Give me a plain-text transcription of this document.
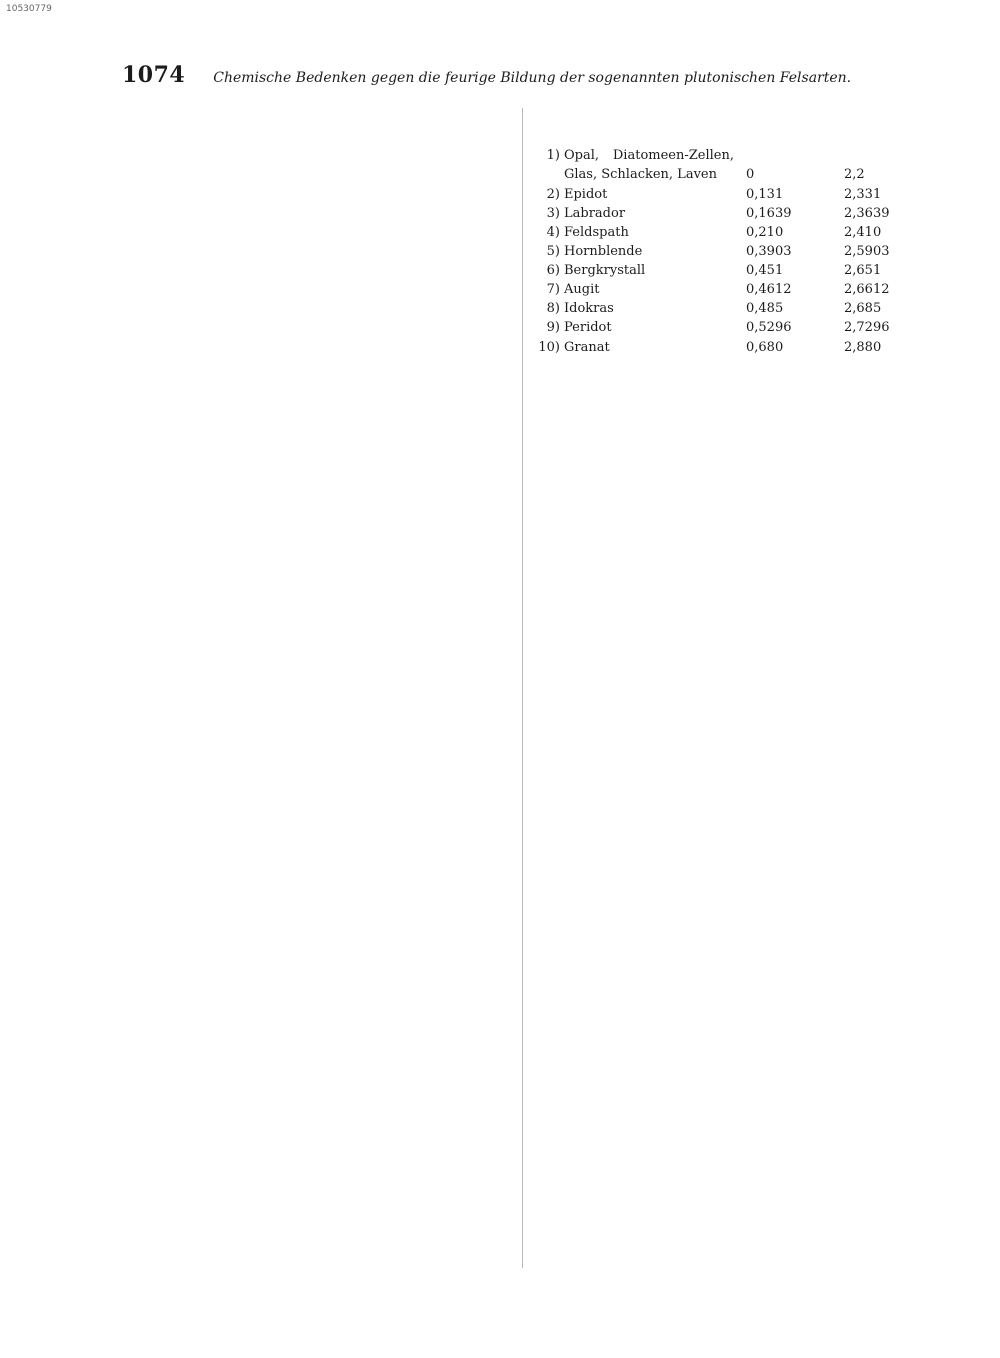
10530779
1074 Chemische Bedenken gegen die feurige Bildung der sogenannten plutonischen Felsarten.

1) Opal, Diatomeen-Zellen, Glas, Schlacken, Laven	0	2,2
2) Epidot	0,131	2,331
3) Labrador	0,1639	2,3639
4) Feldspath	0,210	2,410
5) Hornblende	0,3903	2,5903
6) Bergkrystall	0,451	2,651
7) Augit	0,4612	2,6612
8) Idokras	0,485	2,685
9) Peridot	0,5296	2,7296
10) Granat	0,680	2,880
